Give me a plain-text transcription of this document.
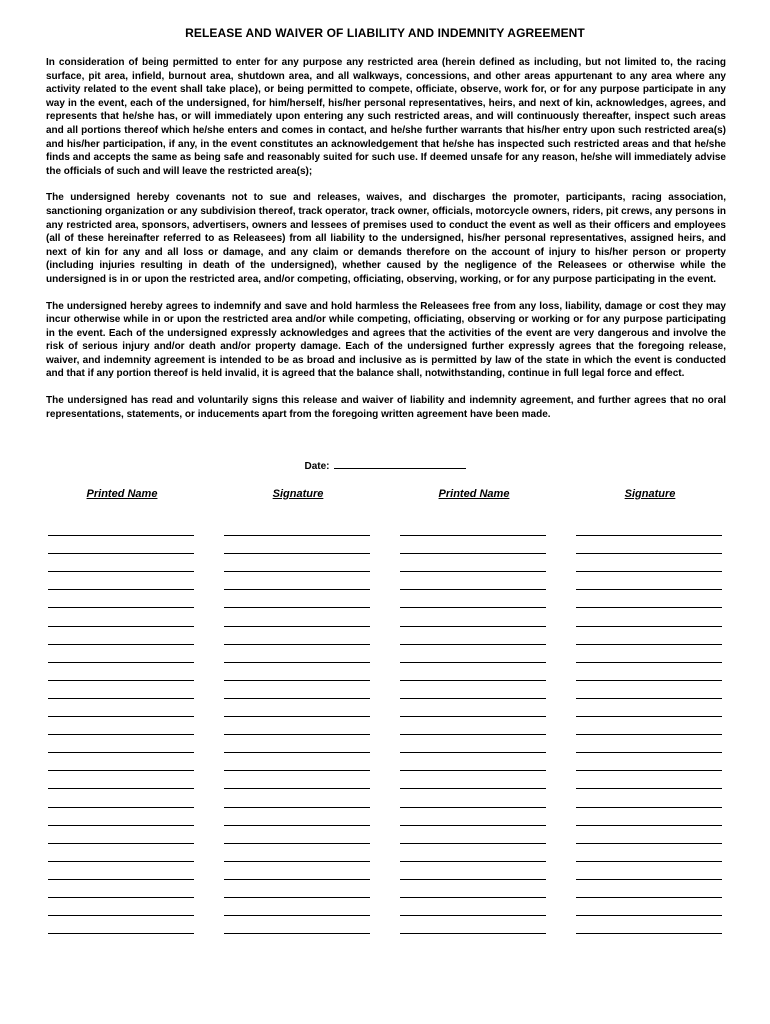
RELEASE AND WAIVER OF LIABILITY AND INDEMNITY AGREEMENT

In consideration of being permitted to enter for any purpose any restricted area (herein defined as including, but not limited to, the racing surface, pit area, infield, burnout area, shutdown area, and all walkways, concessions, and other areas appurtenant to any area where any activity related to the event shall take place), or being permitted to compete, officiate, observe, work for, or for any purpose participate in any way in the event, each of the undersigned, for him/herself, his/her personal representatives, heirs, and next of kin, acknowledges, agrees, and represents that he/she has, or will immediately upon entering any such restricted areas, and will continuously thereafter, inspect such areas and all portions thereof which he/she enters and comes in contact, and he/she further warrants that his/her entry upon such restricted area(s) and his/her participation, if any, in the event constitutes an acknowledgement that he/she has inspected such restricted areas and that he/she finds and accepts the same as being safe and reasonably suited for such use. If deemed unsafe for any reason, he/she will immediately advise the officials of such and will leave the restricted area(s);

The undersigned hereby covenants not to sue and releases, waives, and discharges the promoter, participants, racing association, sanctioning organization or any subdivision thereof, track operator, track owner, officials, motorcycle owners, riders, pit crews, any persons in any restricted area, sponsors, advertisers, owners and lessees of premises used to conduct the event as well as their officers and employees (all of these hereinafter referred to as Releasees) from all liability to the undersigned, his/her personal representatives, assigned heirs, and next of kin for any and all loss or damage, and any claim or demands therefore on the account of injury to his/her person or property (including injuries resulting in death of the undersigned), whether caused by the negligence of the Releasees or otherwise while the undersigned is in or upon the restricted area, and/or competing, officiating, observing, working, or for any purpose participating in the event.

The undersigned hereby agrees to indemnify and save and hold harmless the Releasees free from any loss, liability, damage or cost they may incur otherwise while in or upon the restricted area and/or while competing, officiating, observing or working or for any purpose participating in the event. Each of the undersigned expressly acknowledges and agrees that the activities of the event are very dangerous and involve the risk of serious injury and/or death and/or property damage. Each of the undersigned further expressly agrees that the foregoing release, waiver, and indemnity agreement is intended to be as broad and inclusive as is permitted by law of the state in which the event is conducted and that if any portion thereof is held invalid, it is agreed that the balance shall, notwithstanding, continue in full legal force and effect.

The undersigned has read and voluntarily signs this release and waiver of liability and indemnity agreement, and further agrees that no oral representations, statements, or inducements apart from the foregoing written agreement have been made.

Date:
Printed Name	Signature	Printed Name	Signature
